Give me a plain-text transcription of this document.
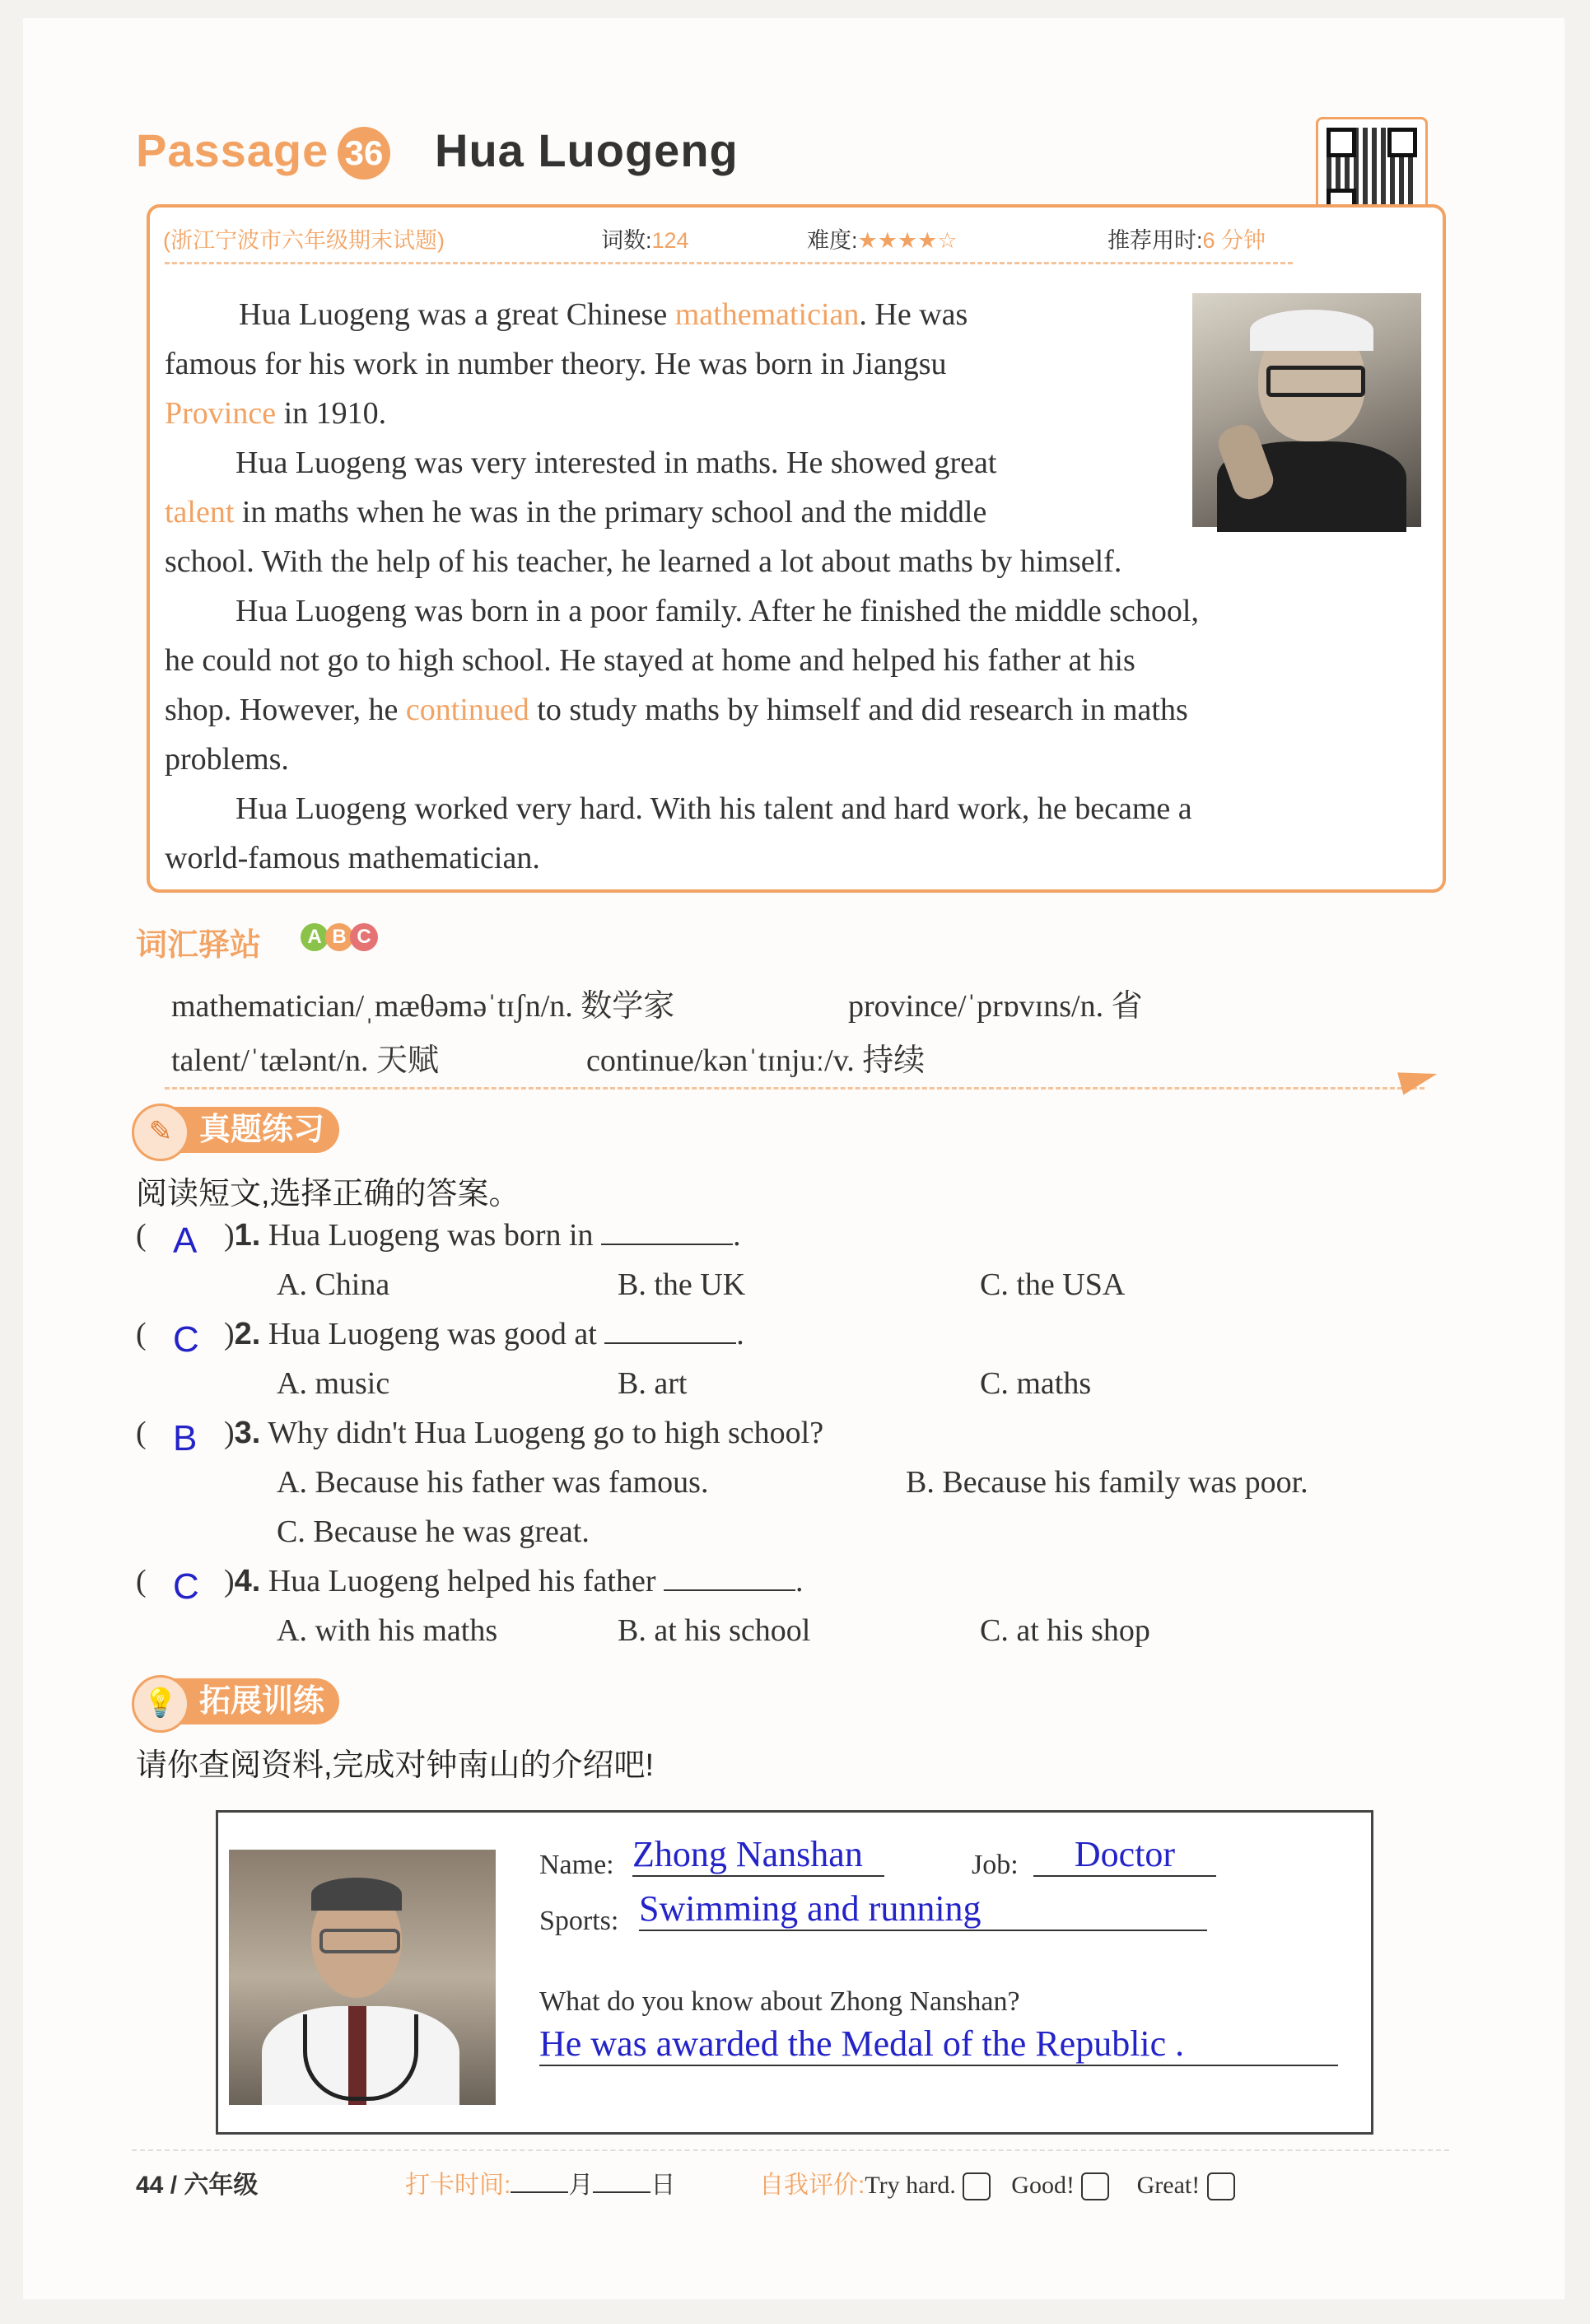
Passage 36 Hua Luogeng
(浙江宁波市六年级期末试题)	词数:124	难度:★★★★☆	推荐用时:6 分钟
Hua Luogeng was a great Chinese mathematician. He was
famous for his work in number theory. He was born in Jiangsu
Province in 1910.
Hua Luogeng was very interested in maths. He showed great
talent in maths when he was in the primary school and the middle
school. With the help of his teacher, he learned a lot about maths by himself.
Hua Luogeng was born in a poor family. After he finished the middle school,
he could not go to high school. He stayed at home and helped his father at his
shop. However, he continued to study maths by himself and did research in maths
problems.
Hua Luogeng worked very hard. With his talent and hard work, he became a
world-famous mathematician.
词汇驿站	A B C
mathematician/ˌmæθəməˈtɪʃn/n. 数学家	province/ˈprɒvɪns/n. 省
talent/ˈtælənt/n. 天赋	continue/kənˈtɪnjuː/v. 持续
真题练习
✎
阅读短文,选择正确的答案。
( A )1. Hua Luogeng was born in	.
A. China	B. the UK	C. the USA
( C )2. Hua Luogeng was good at	.
A. music	B. art	C. maths
( B )3. Why didn't Hua Luogeng go to high school?
A. Because his father was famous.	B. Because his family was poor.
C. Because he was great.
( C )4. Hua Luogeng helped his father	.
A. with his maths	B. at his school	C. at his shop
拓展训练
💡
请你查阅资料,完成对钟南山的介绍吧!
Name: Zhong Nanshan	Job:	Doctor
Sports: Swimming and running
What do you know about Zhong Nanshan?
He was awarded the Medal of the Republic .
44 / 六年级	打卡时间: 月 日	自我评价:Try hard. Good!	Great!
